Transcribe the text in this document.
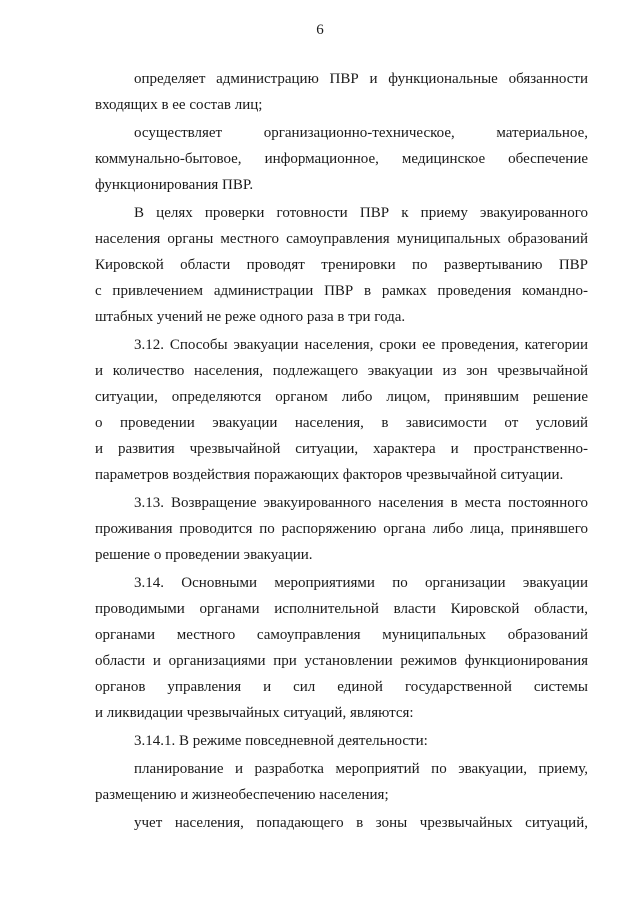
6
определяет администрацию ПВР и функциональные обязанности
входящих в ее состав лиц;
осуществляет организационно-техническое, материальное,
коммунально-бытовое, информационное, медицинское обеспечение
функционирования ПВР.
В целях проверки готовности ПВР к приему эвакуированного
населения органы местного самоуправления муниципальных образований
Кировской области проводят тренировки по развертыванию ПВР
с привлечением администрации ПВР в рамках проведения командно-
штабных учений не реже одного раза в три года.
3.12. Способы эвакуации населения, сроки ее проведения, категории
и количество населения, подлежащего эвакуации из зон чрезвычайной
ситуации, определяются органом либо лицом, принявшим решение
о проведении эвакуации населения, в зависимости от условий
и развития чрезвычайной ситуации, характера и пространственно-
параметров воздействия поражающих факторов чрезвычайной ситуации.
3.13. Возвращение эвакуированного населения в места постоянного
проживания проводится по распоряжению органа либо лица, принявшего
решение о проведении эвакуации.
3.14. Основными мероприятиями по организации эвакуации
проводимыми органами исполнительной власти Кировской области,
органами местного самоуправления муниципальных образований
области и организациями при установлении режимов функционирования
органов управления и сил единой государственной системы
и ликвидации чрезвычайных ситуаций, являются:
3.14.1. В режиме повседневной деятельности:
планирование и разработка мероприятий по эвакуации, приему,
размещению и жизнеобеспечению населения;
учет населения, попадающего в зоны чрезвычайных ситуаций,
